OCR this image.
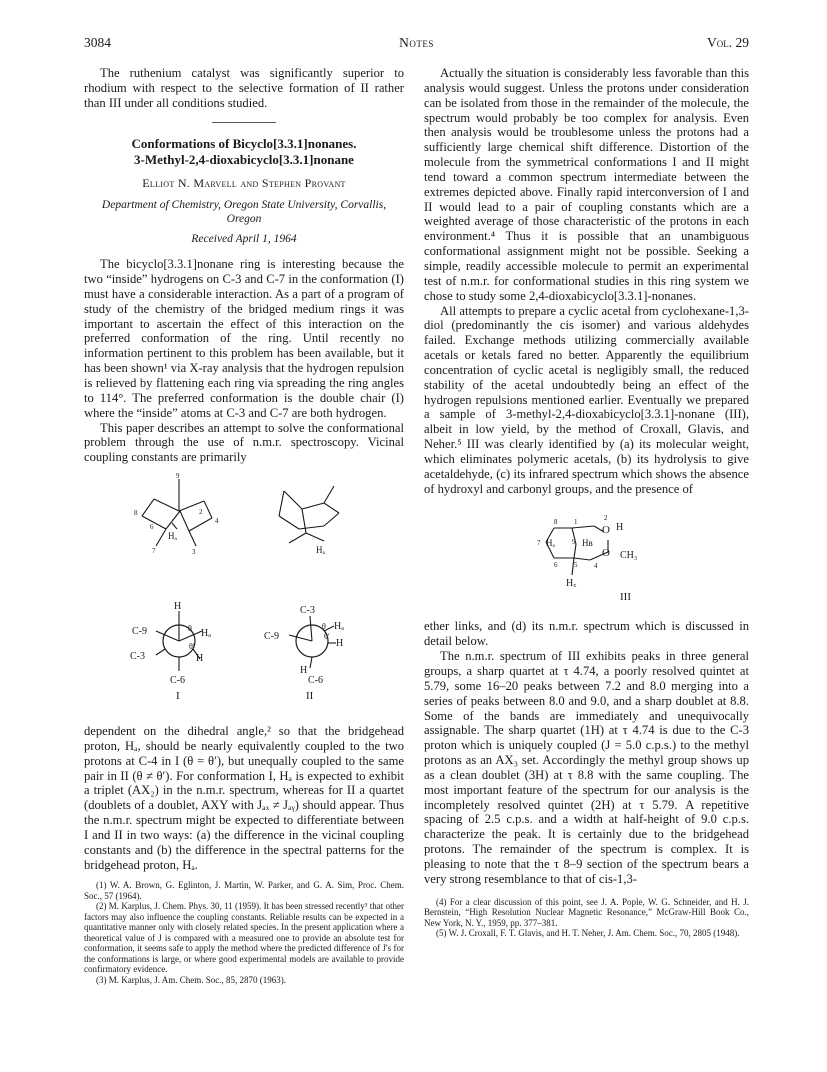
3084	Notes	Vol. 29

The ruthenium catalyst was significantly superior to rhodium with respect to the selective formation of II rather than III under all conditions studied.

Conformations of Bicyclo[3.3.1]nonanes.
3-Methyl-2,4-dioxabicyclo[3.3.1]nonane
Elliot N. Marvell and Stephen Provant
Department of Chemistry, Oregon State University, Corvallis, Oregon
Received April 1, 1964

The bicyclo[3.3.1]nonane ring is interesting because the two “inside” hydrogens on C-3 and C-7 in the conformation (I) must have a considerable interaction. As a part of a program of study of the chemistry of the bridged medium rings it was important to ascertain the effect of this interaction on the preferred conformation of the ring. Until recently no information pertinent to this problem has been available, but it has been shown¹ via X-ray analysis that the hydrogen repulsion is relieved by flattening each ring via spreading the ring angles to 114°. The preferred conformation is the double chair (I) where the “inside” atoms at C-3 and C-7 are both hydrogen.

This paper describes an attempt to solve the conformational problem through the use of n.m.r. spectroscopy. Vicinal coupling constants are primarily

9
8
6
2
4
7	3
Hₐ
Hₐ
H
C-9	Hₐ
C-3
θ
θ′
H
C-6
I
C-3
C-9
Hₐ
θ
θ′
H
H
C-6
II

dependent on the dihedral angle,² so that the bridgehead proton, Hₐ, should be nearly equivalently coupled to the two protons at C-4 in I (θ = θ′), but unequally coupled to the same pair in II (θ ≠ θ′). For conformation I, Hₐ is expected to exhibit a triplet (AX₂) in the n.m.r. spectrum, whereas for II a quartet (doublets of a doublet, AXY with Jₐₓ ≠ Jₐᵧ) should appear. Thus the n.m.r. spectrum might be expected to differentiate between I and II in two ways: (a) the difference in the vicinal coupling constants and (b) the difference in the spectral patterns for the bridgehead proton, Hₐ.

(1) W. A. Brown, G. Eglinton, J. Martin, W. Parker, and G. A. Sim, Proc. Chem. Soc., 57 (1964).

(2) M. Karplus, J. Chem. Phys. 30, 11 (1959). It has been stressed recently³ that other factors may also influence the coupling constants. Reliable results can be expected in a quantitative manner only with closely related species. In the present application where a theoretical value of J is compared with a measured one to provide an absolute test for conformation, it seems safe to apply the method where the predicted difference of J's for the conformations is large, or where good experimental models are available to provide confirmatory evidence.

(3) M. Karplus, J. Am. Chem. Soc., 85, 2870 (1963).

Actually the situation is considerably less favorable than this analysis would suggest. Unless the protons under consideration can be isolated from those in the remainder of the molecule, the spectrum would probably be too complex for analysis. Even then analysis would be troublesome unless the protons had a sufficiently large chemical shift difference. Distortion of the molecule from the symmetrical conformations I and II might tend toward a common spectrum intermediate between the extremes depicted above. Finally rapid interconversion of I and II would lead to a pair of coupling constants which are a weighted average of those characteristic of the protons in each environment.⁴ Thus it is possible that an unambiguous conformational assignment might not be possible. Seeking a simple, readily accessible molecule to permit an experimental test of n.m.r. for conformational studies in this ring system we chose to study some 2,4-dioxabicyclo[3.3.1]-nonanes.

All attempts to prepare a cyclic acetal from cyclohexane-1,3-diol (predominantly the cis isomer) and various aldehydes failed. Exchange methods utilizing commercially available acetals or ketals fared no better. Apparently the equilibrium concentration of cyclic acetal is negligibly small, the reduced stability of the acetal undoubtedly being an effect of the hydrogen repulsions mentioned earlier. Eventually we prepared a sample of 3-methyl-2,4-dioxabicyclo[3.3.1]-nonane (III), albeit in low yield, by the method of Croxall, Glavis, and Neher.⁵ III was clearly identified by (a) its molecular weight, which eliminates polymeric acetals, (b) its hydrolysis to give acetaldehyde, (c) its infrared spectrum which shows the absence of hydroxyl and carbonyl groups, and the presence of

8 1	2
O H
7 Hₐ 9 Hʙ
O CH₃
6 5 4
Hₓ
III

ether links, and (d) its n.m.r. spectrum which is discussed in detail below.

The n.m.r. spectrum of III exhibits peaks in three general groups, a sharp quartet at τ 4.74, a poorly resolved quintet at 5.79, some 16–20 peaks between 7.2 and 8.0 merging into a series of peaks between 8.0 and 9.0, and a sharp doublet at 8.8. Some of the bands are immediately and unequivocally assignable. The sharp quartet (1H) at τ 4.74 is due to the C-3 proton which is uniquely coupled (J = 5.0 c.p.s.) to the methyl protons as an AX₃ set. Accordingly the methyl group shows up as a clean doublet (3H) at τ 8.8 with the same coupling. The most important feature of the spectrum for our analysis is the incompletely resolved quintet (2H) at τ 5.79. A repetitive spacing of 2.5 c.p.s. and a width at half-height of 9.0 c.p.s. characterize the peak. It is certainly due to the bridgehead protons. The remainder of the spectrum is complex. It is pleasing to note that the τ 8–9 section of the spectrum bears a very strong resemblance to that of cis-1,3-

(4) For a clear discussion of this point, see J. A. Pople, W. G. Schneider, and H. J. Bernstein, “High Resolution Nuclear Magnetic Resonance,” McGraw-Hill Book Co., New York, N. Y., 1959, pp. 377–381.

(5) W. J. Croxall, F. T. Glavis, and H. T. Neher, J. Am. Chem. Soc., 70, 2805 (1948).
